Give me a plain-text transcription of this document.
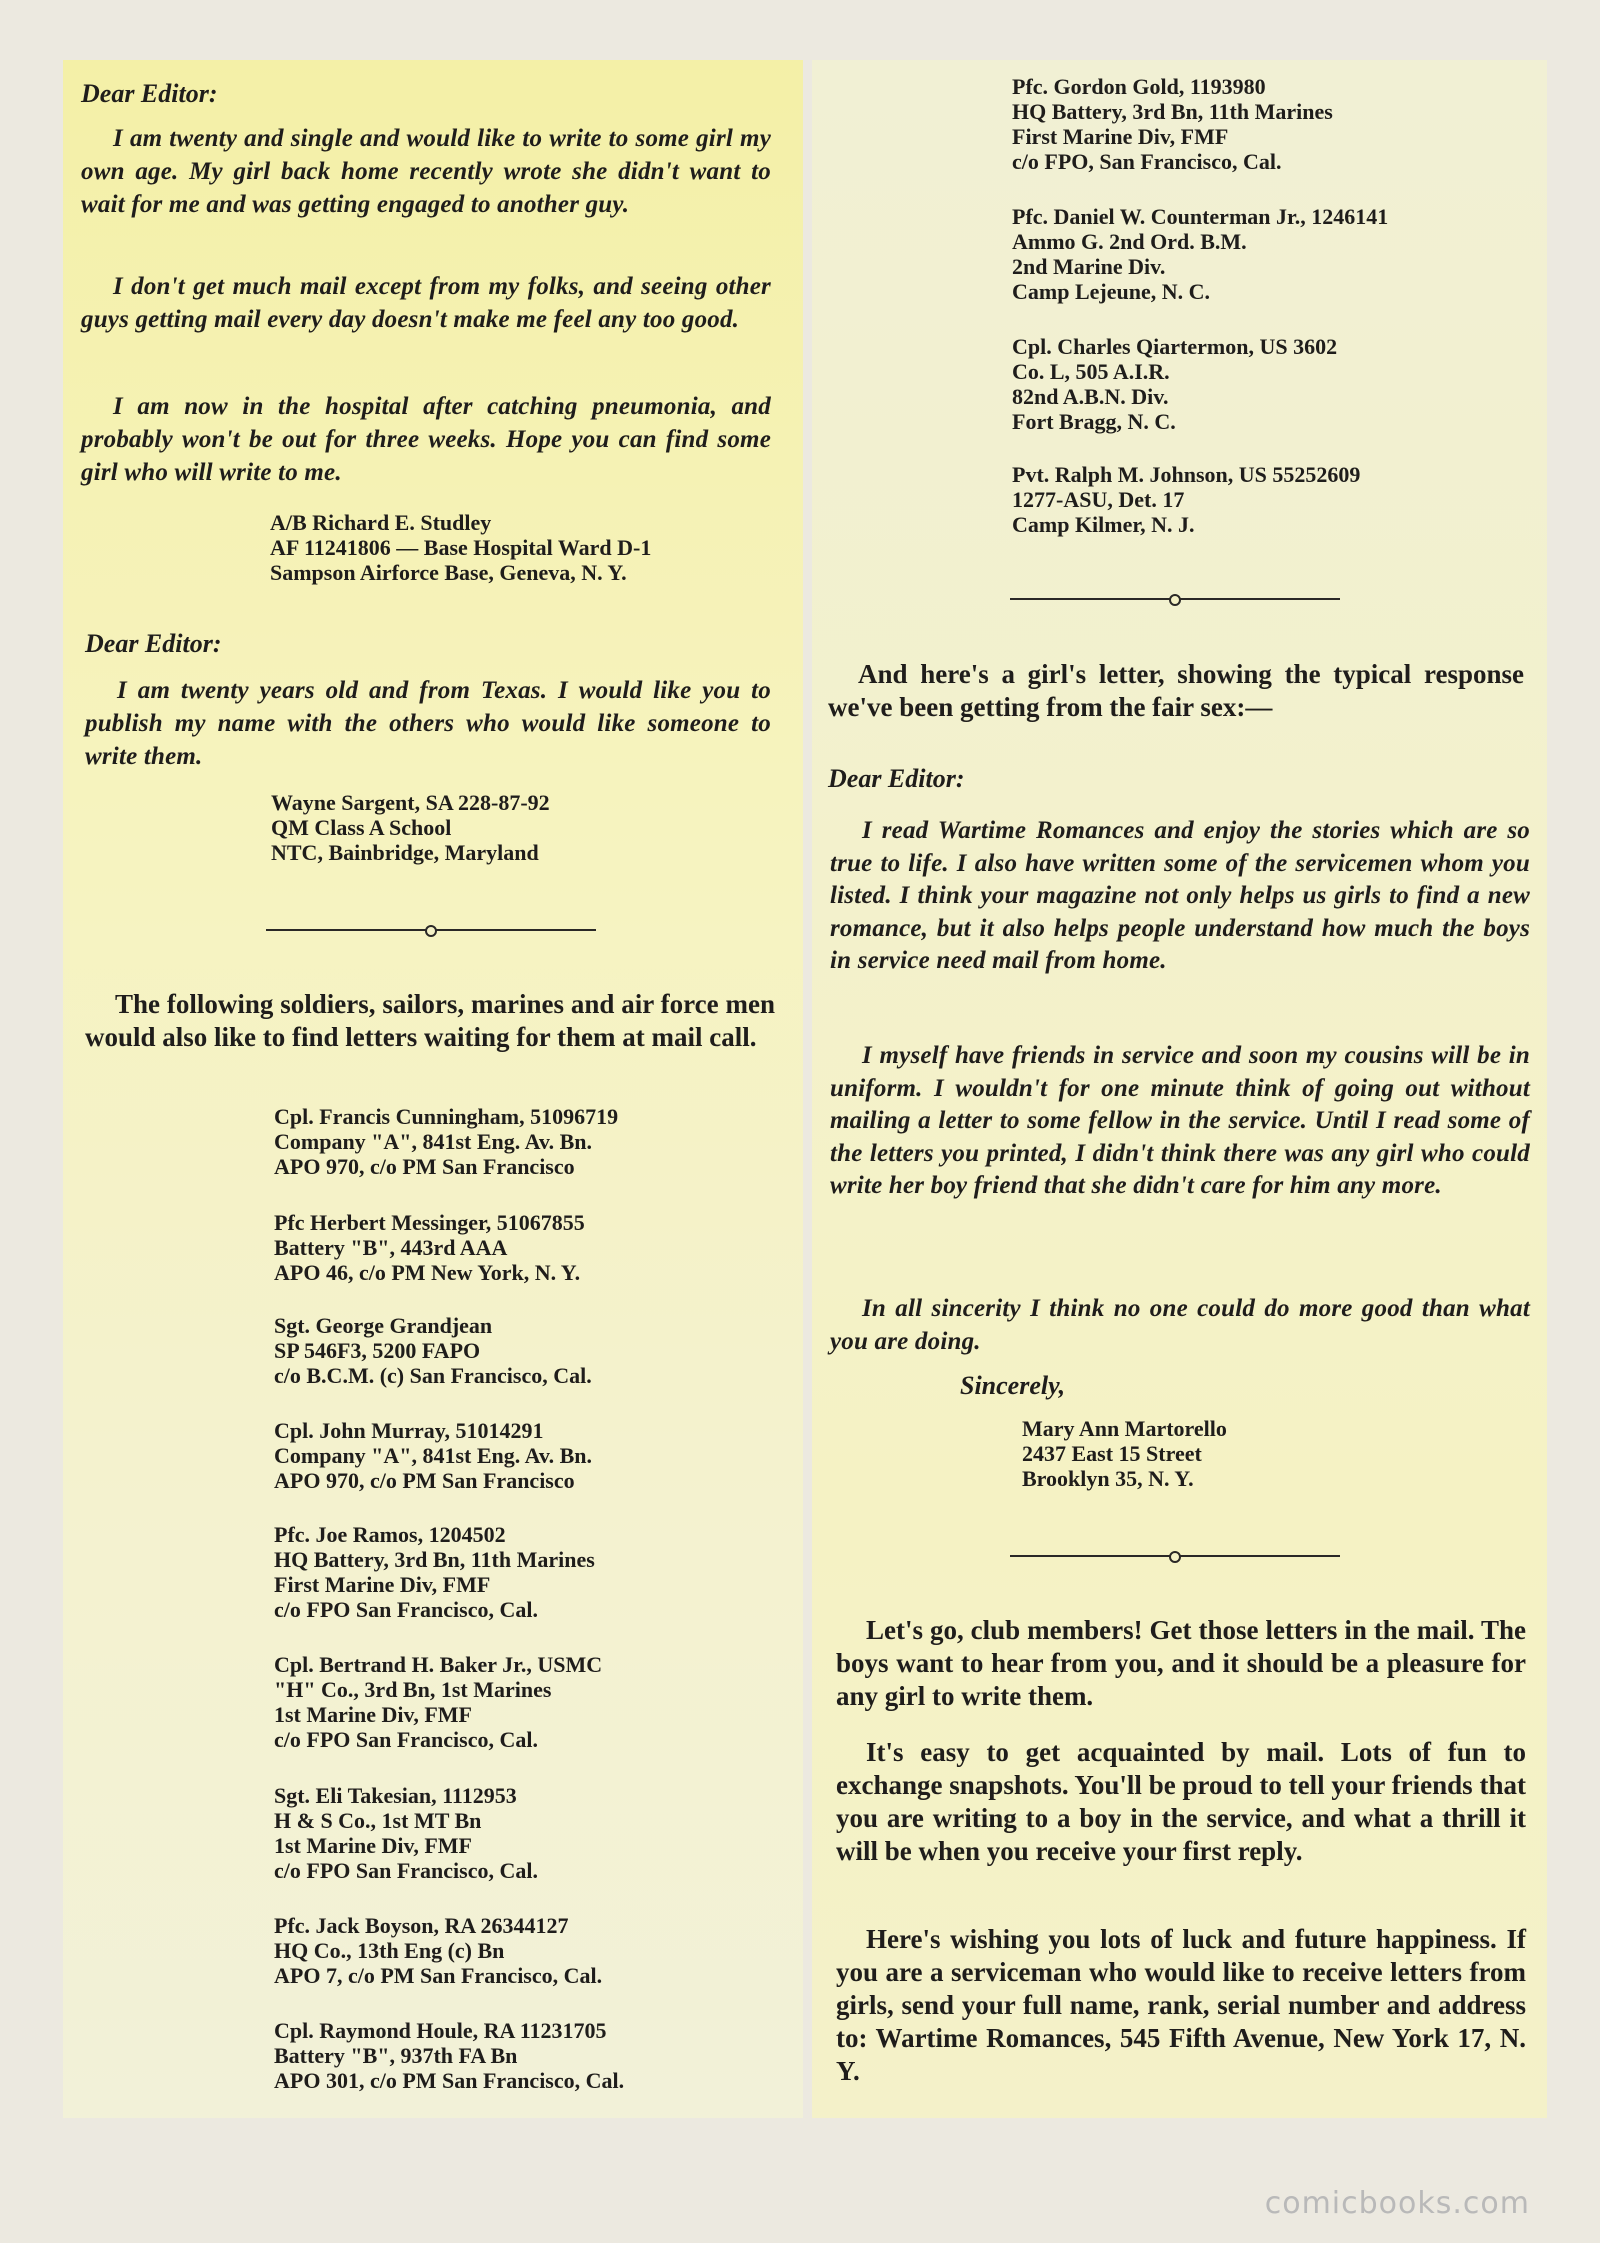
Dear Editor:

I am twenty and single and would like to write to some girl my own age. My girl back home recently wrote she didn't want to wait for me and was getting engaged to another guy.

I don't get much mail except from my folks, and seeing other guys getting mail every day doesn't make me feel any too good.

I am now in the hospital after catching pneumonia, and probably won't be out for three weeks. Hope you can find some girl who will write to me.

A/B Richard E. Studley
AF 11241806 — Base Hospital Ward D-1
Sampson Airforce Base, Geneva, N. Y.
Dear Editor:

I am twenty years old and from Texas. I would like you to publish my name with the others who would like someone to write them.

Wayne Sargent, SA 228-87-92
QM Class A School
NTC, Bainbridge, Maryland

The following soldiers, sailors, marines and air force men would also like to find letters waiting for them at mail call.

Cpl. Francis Cunningham, 51096719
Company "A", 841st Eng. Av. Bn.
APO 970, c/o PM San Francisco
Pfc Herbert Messinger, 51067855
Battery "B", 443rd AAA
APO 46, c/o PM New York, N. Y.
Sgt. George Grandjean
SP 546F3, 5200 FAPO
c/o B.C.M. (c) San Francisco, Cal.
Cpl. John Murray, 51014291
Company "A", 841st Eng. Av. Bn.
APO 970, c/o PM San Francisco
Pfc. Joe Ramos, 1204502
HQ Battery, 3rd Bn, 11th Marines
First Marine Div, FMF
c/o FPO San Francisco, Cal.
Cpl. Bertrand H. Baker Jr., USMC
"H" Co., 3rd Bn, 1st Marines
1st Marine Div, FMF
c/o FPO San Francisco, Cal.
Sgt. Eli Takesian, 1112953
H & S Co., 1st MT Bn
1st Marine Div, FMF
c/o FPO San Francisco, Cal.
Pfc. Jack Boyson, RA 26344127
HQ Co., 13th Eng (c) Bn
APO 7, c/o PM San Francisco, Cal.
Cpl. Raymond Houle, RA 11231705
Battery "B", 937th FA Bn
APO 301, c/o PM San Francisco, Cal.
Pfc. Gordon Gold, 1193980
HQ Battery, 3rd Bn, 11th Marines
First Marine Div, FMF
c/o FPO, San Francisco, Cal.
Pfc. Daniel W. Counterman Jr., 1246141
Ammo G. 2nd Ord. B.M.
2nd Marine Div.
Camp Lejeune, N. C.
Cpl. Charles Qiartermon, US 3602
Co. L, 505 A.I.R.
82nd A.B.N. Div.
Fort Bragg, N. C.
Pvt. Ralph M. Johnson, US 55252609
1277-ASU, Det. 17
Camp Kilmer, N. J.

And here's a girl's letter, showing the typical response we've been getting from the fair sex:—

Dear Editor:

I read Wartime Romances and enjoy the stories which are so true to life. I also have written some of the servicemen whom you listed. I think your magazine not only helps us girls to find a new romance, but it also helps people understand how much the boys in service need mail from home.

I myself have friends in service and soon my cousins will be in uniform. I wouldn't for one minute think of going out without mailing a letter to some fellow in the service. Until I read some of the letters you printed, I didn't think there was any girl who could write her boy friend that she didn't care for him any more.

In all sincerity I think no one could do more good than what you are doing.

Sincerely,
Mary Ann Martorello
2437 East 15 Street
Brooklyn 35, N. Y.

Let's go, club members! Get those letters in the mail. The boys want to hear from you, and it should be a pleasure for any girl to write them.

It's easy to get acquainted by mail. Lots of fun to exchange snapshots. You'll be proud to tell your friends that you are writing to a boy in the service, and what a thrill it will be when you receive your first reply.

Here's wishing you lots of luck and future happiness. If you are a serviceman who would like to receive letters from girls, send your full name, rank, serial number and address to: Wartime Romances, 545 Fifth Avenue, New York 17, N. Y.

comicbooks.com
